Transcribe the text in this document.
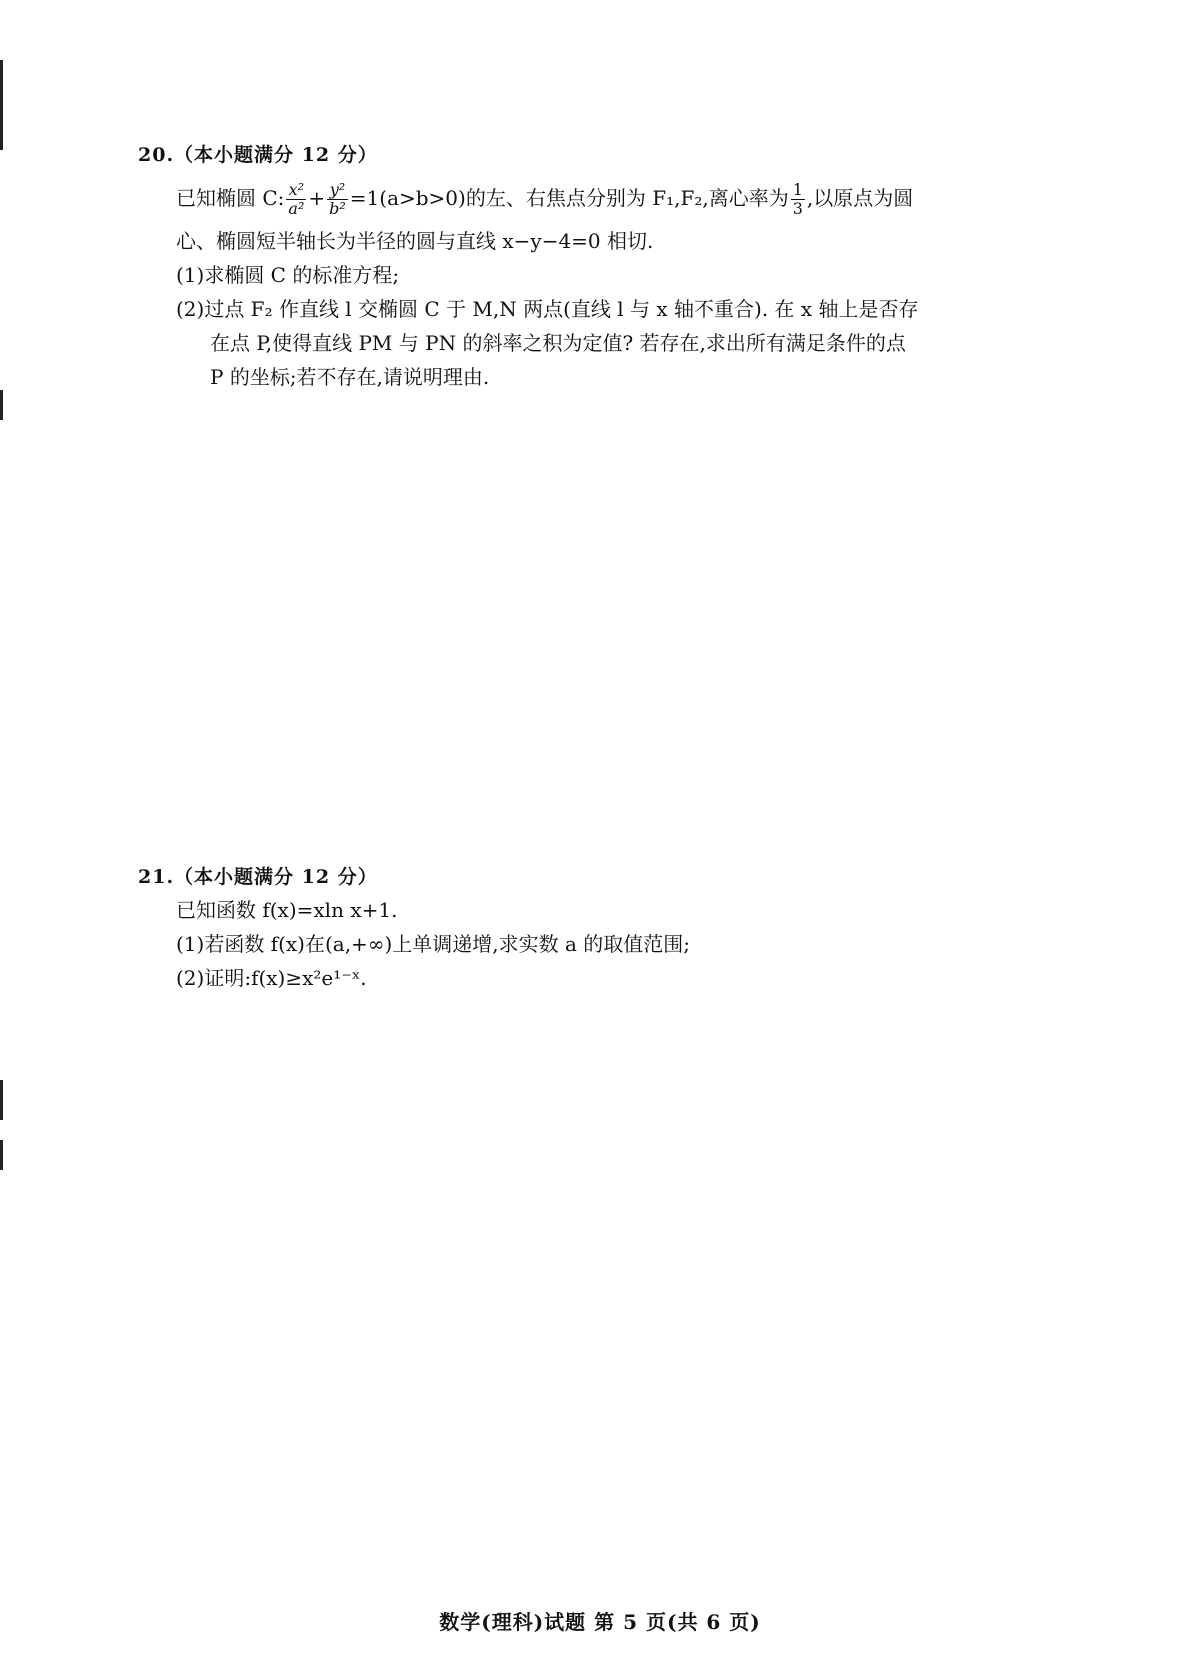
20.（本小题满分 12 分）
已知椭圆 C: $\frac{\text{x²}}{\text{a²}} + \frac{\text{y²}}{\text{b²}} =1(a>b>0)$的左、右焦点分别为 F₁,F₂,离心率为 $\frac{1}{3}$ ,以原点为圆
心、椭圆短半轴长为半径的圆与直线 x−y−4=0 相切.
(1)求椭圆 C 的标准方程;
(2)过点 F₂ 作直线 l 交椭圆 C 于 M,N 两点(直线 l 与 x 轴不重合). 在 x 轴上是否存
在点 P,使得直线 PM 与 PN 的斜率之积为定值? 若存在,求出所有满足条件的点
P 的坐标;若不存在,请说明理由.
21.（本小题满分 12 分）
已知函数 f(x)=xln x+1.
(1)若函数 f(x)在(a,+∞)上单调递增,求实数 a 的取值范围;
(2)证明:f(x)≥x²e¹⁻ˣ.
数学(理科)试题 第 5 页(共 6 页)
